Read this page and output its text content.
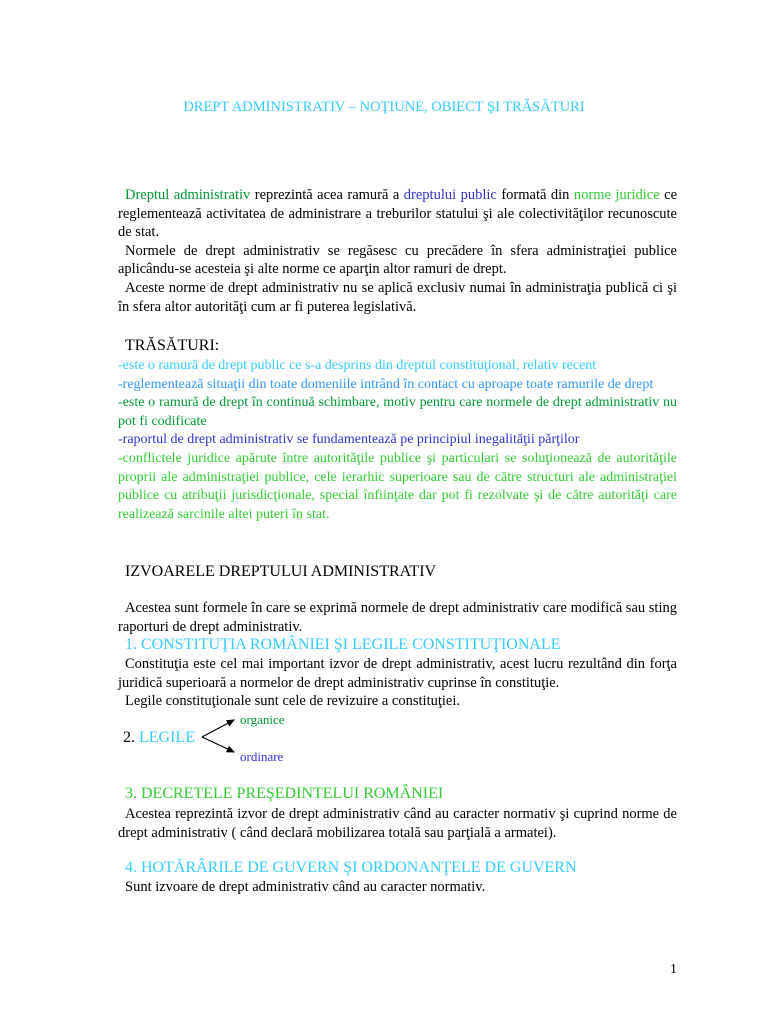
DREPT ADMINISTRATIV – NOŢIUNE, OBIECT ŞI TRĂSĂTURI

Dreptul administrativ reprezintă acea ramură a dreptului public formată din norme juridice ce reglementează activitatea de administrare a treburilor statului şi ale colectivităţilor recunoscute de stat.

Normele de drept administrativ se regăsesc cu precădere în sfera administraţiei publice aplicându-se acesteia şi alte norme ce aparţin altor ramuri de drept.

Aceste norme de drept administrativ nu se aplică exclusiv numai în administraţia publică ci şi în sfera altor autorităţi cum ar fi puterea legislativă.

TRĂSĂTURI:
-este o ramură de drept public ce s-a desprins din dreptul constituţional, relativ recent
-reglementează situaţii din toate domeniile intrând în contact cu aproape toate ramurile de drept
-este o ramură de drept în continuă schimbare, motiv pentru care normele de drept administrativ nu pot fi codificate
-raportul de drept administrativ se fundamentează pe principiul inegalităţii părţilor
-conflictele juridice apărute între autorităţile publice şi particulari se soluţionează de autorităţile proprii ale administraţiei publice, cele ierarhic superioare sau de către structuri ale administraţiei publice cu atribuţii jurisdicţionale, special înfiinţate dar pot fi rezolvate şi de către autorităţi care realizează sarcinile altei puteri în stat.
IZVOARELE DREPTULUI ADMINISTRATIV

Acestea sunt formele în care se exprimă normele de drept administrativ care modifică sau sting raporturi de drept administrativ.

1. CONSTITUŢIA ROMÂNIEI ŞI LEGILE CONSTITUŢIONALE

Constituţia este cel mai important izvor de drept administrativ, acest lucru rezultând din forţa juridică superioară a normelor de drept administrativ cuprinse în constituţie.

Legile constituţionale sunt cele de revizuire a constituţiei.

2. LEGILE
organice
ordinare
3. DECRETELE PREŞEDINTELUI ROMÂNIEI

Acestea reprezintă izvor de drept administrativ când au caracter normativ şi cuprind norme de drept administrativ ( când declară mobilizarea totală sau parţială a armatei).

4. HOTĂRÂRILE DE GUVERN ŞI ORDONANŢELE DE GUVERN

Sunt izvoare de drept administrativ când au caracter normativ.

1
